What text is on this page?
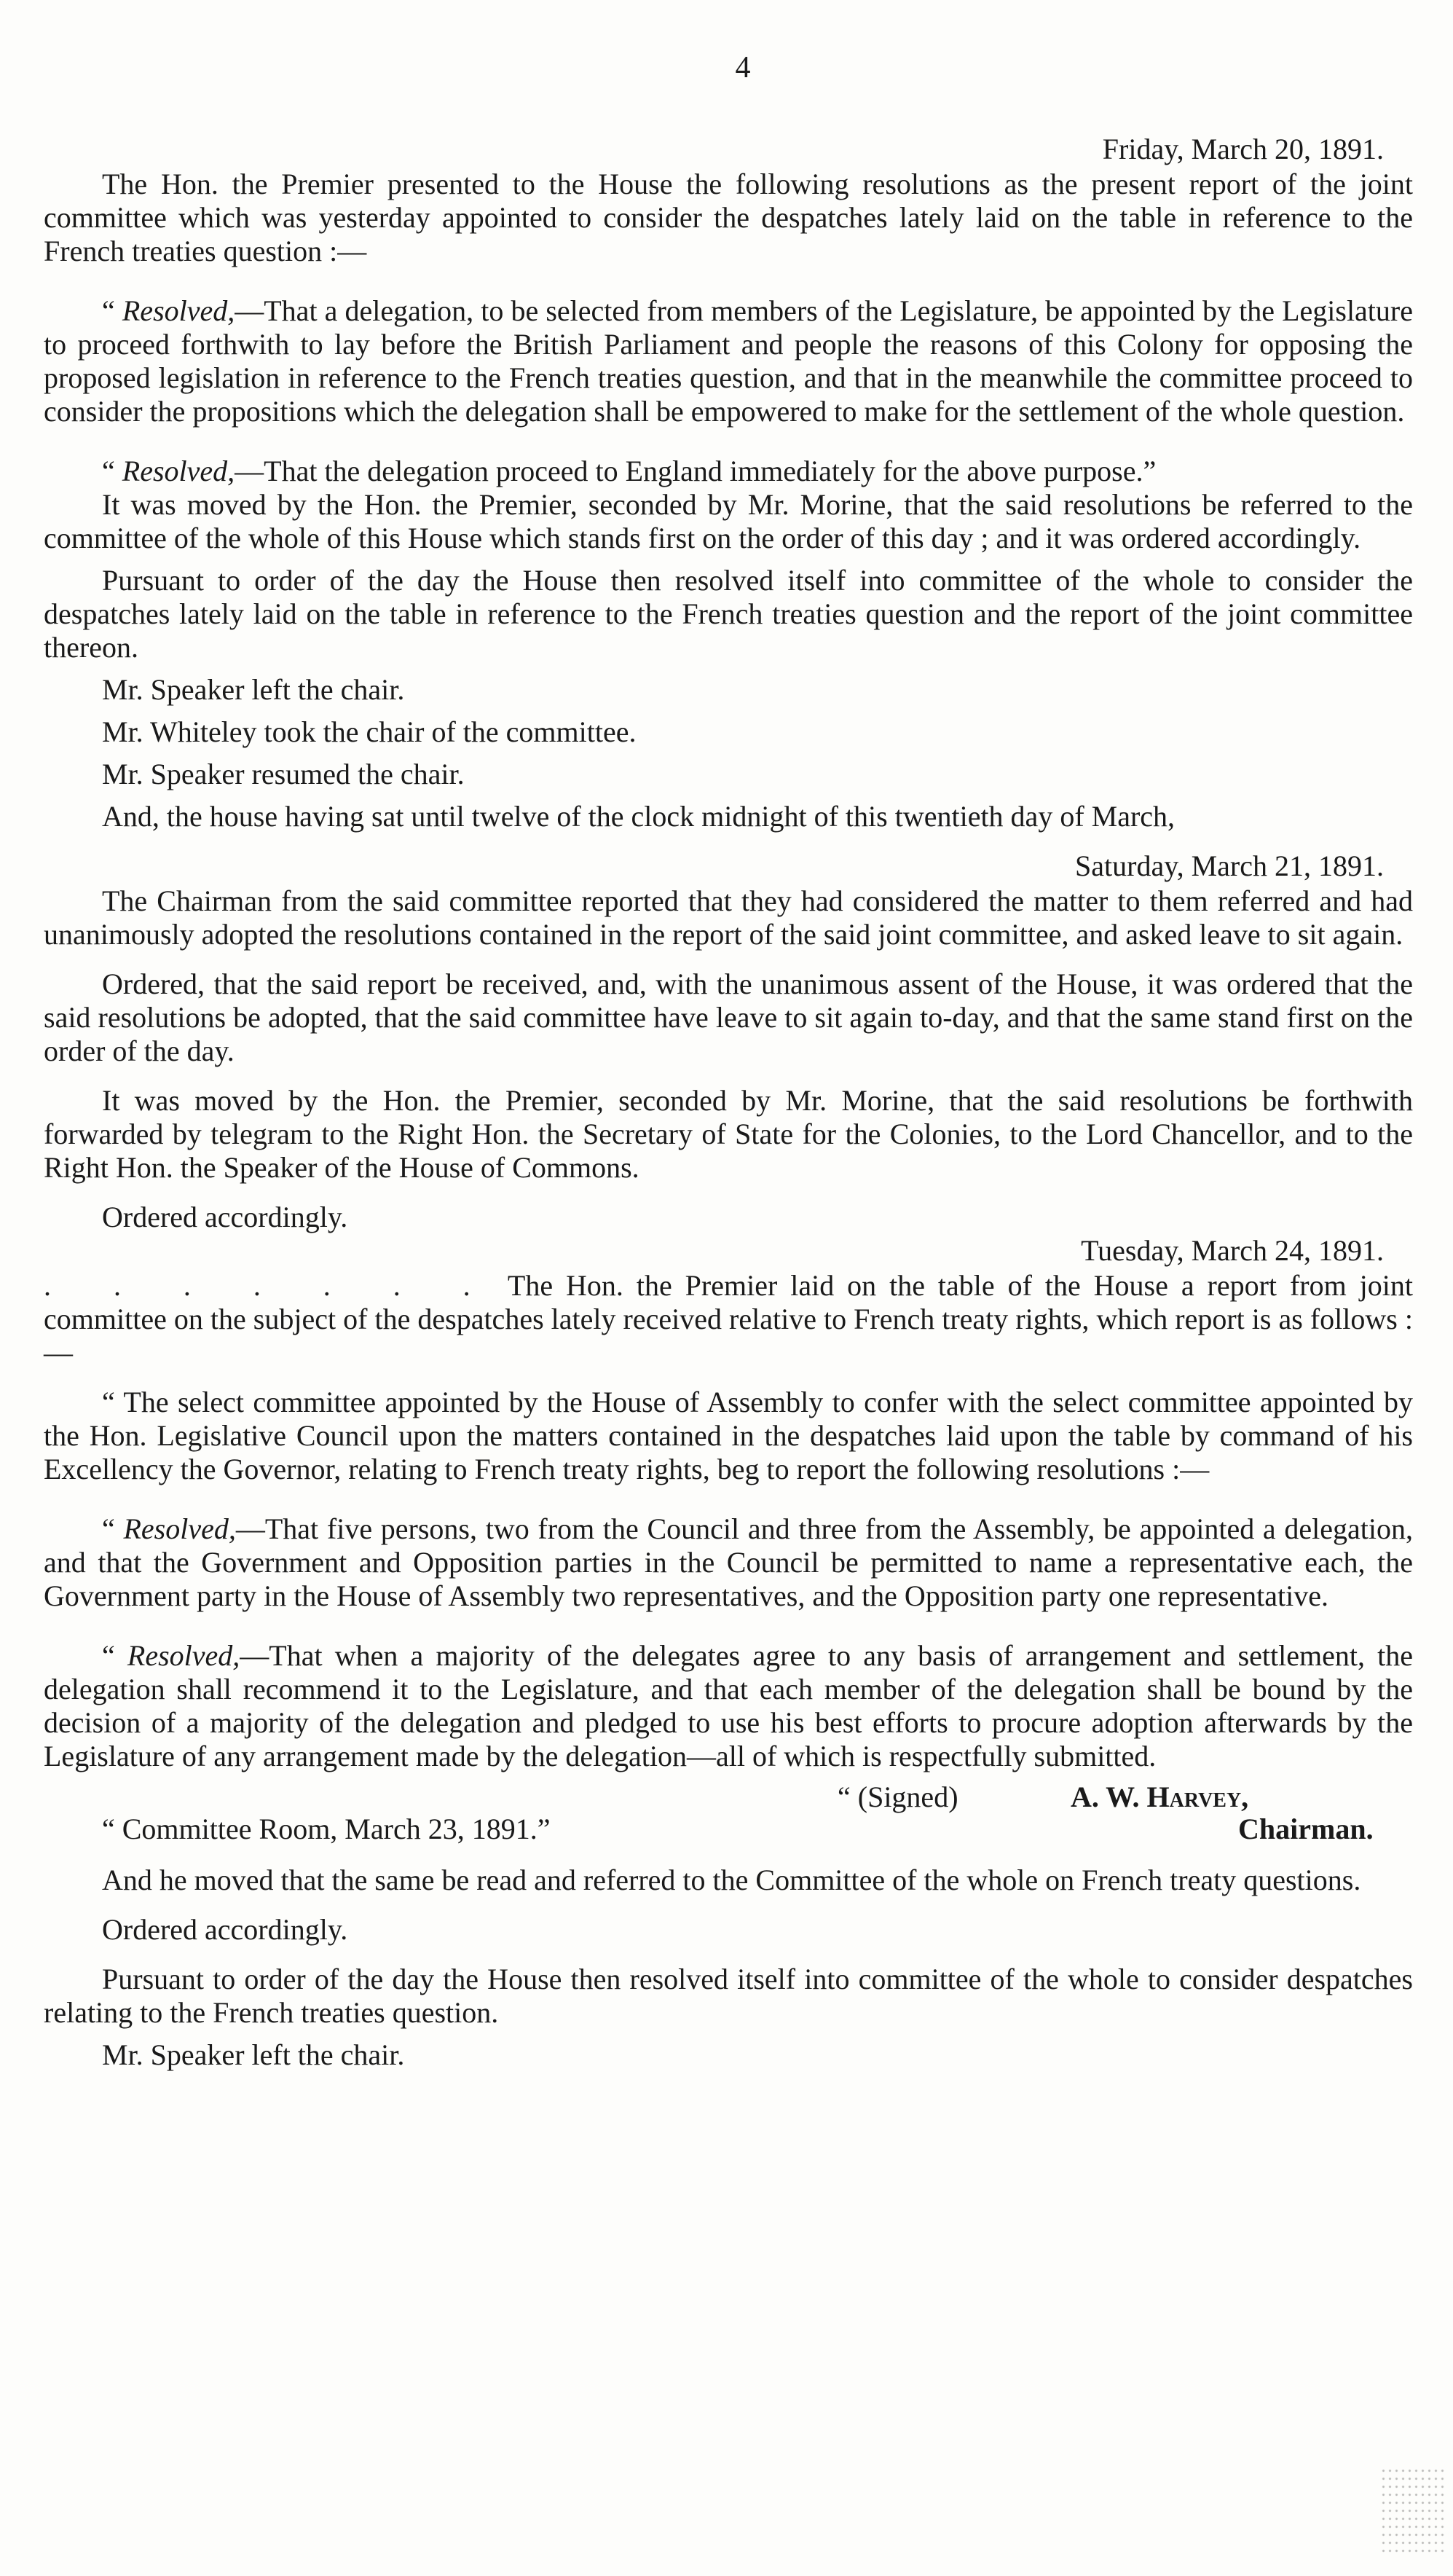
4

Friday, March 20, 1891.

The Hon. the Premier presented to the House the following resolutions as the present report of the joint committee which was yesterday appointed to consider the despatches lately laid on the table in reference to the French treaties question :—

“ Resolved,—That a delegation, to be selected from members of the Legislature, be appointed by the Legislature to proceed forthwith to lay before the British Parliament and people the reasons of this Colony for opposing the proposed legislation in reference to the French treaties question, and that in the meanwhile the committee proceed to consider the propositions which the delegation shall be empowered to make for the settlement of the whole question.

“ Resolved,—That the delegation proceed to England immediately for the above purpose.”

It was moved by the Hon. the Premier, seconded by Mr. Morine, that the said resolutions be referred to the committee of the whole of this House which stands first on the order of this day ; and it was ordered accordingly.

Pursuant to order of the day the House then resolved itself into committee of the whole to consider the despatches lately laid on the table in reference to the French treaties question and the report of the joint committee thereon.

Mr. Speaker left the chair.

Mr. Whiteley took the chair of the committee.

Mr. Speaker resumed the chair.

And, the house having sat until twelve of the clock midnight of this twentieth day of March,

Saturday, March 21, 1891.

The Chairman from the said committee reported that they had considered the matter to them referred and had unanimously adopted the resolutions contained in the report of the said joint committee, and asked leave to sit again.

Ordered, that the said report be received, and, with the unanimous assent of the House, it was ordered that the said resolutions be adopted, that the said committee have leave to sit again to-day, and that the same stand first on the order of the day.

It was moved by the Hon. the Premier, seconded by Mr. Morine, that the said resolutions be forthwith forwarded by telegram to the Right Hon. the Secretary of State for the Colonies, to the Lord Chancellor, and to the Right Hon. the Speaker of the House of Commons.

Ordered accordingly.

Tuesday, March 24, 1891.

. . . . . . . The Hon. the Premier laid on the table of the House a report from joint committee on the subject of the despatches lately received relative to French treaty rights, which report is as follows :—

“ The select committee appointed by the House of Assembly to confer with the select committee appointed by the Hon. Legislative Council upon the matters contained in the despatches laid upon the table by command of his Excellency the Governor, relating to French treaty rights, beg to report the following resolutions :—

“ Resolved,—That five persons, two from the Council and three from the Assembly, be appointed a delegation, and that the Government and Opposition parties in the Council be permitted to name a representative each, the Government party in the House of Assembly two representatives, and the Opposition party one representative.

“ Resolved,—That when a majority of the delegates agree to any basis of arrangement and settlement, the delegation shall recommend it to the Legislature, and that each member of the delegation shall be bound by the decision of a majority of the delegation and pledged to use his best efforts to procure adoption afterwards by the Legislature of any arrangement made by the delegation—all of which is respectfully submitted.

“ (Signed)	A. W. Harvey,
“ Committee Room, March 23, 1891.”	Chairman.

And he moved that the same be read and referred to the Committee of the whole on French treaty questions.

Ordered accordingly.

Pursuant to order of the day the House then resolved itself into committee of the whole to consider despatches relating to the French treaties question.

Mr. Speaker left the chair.
